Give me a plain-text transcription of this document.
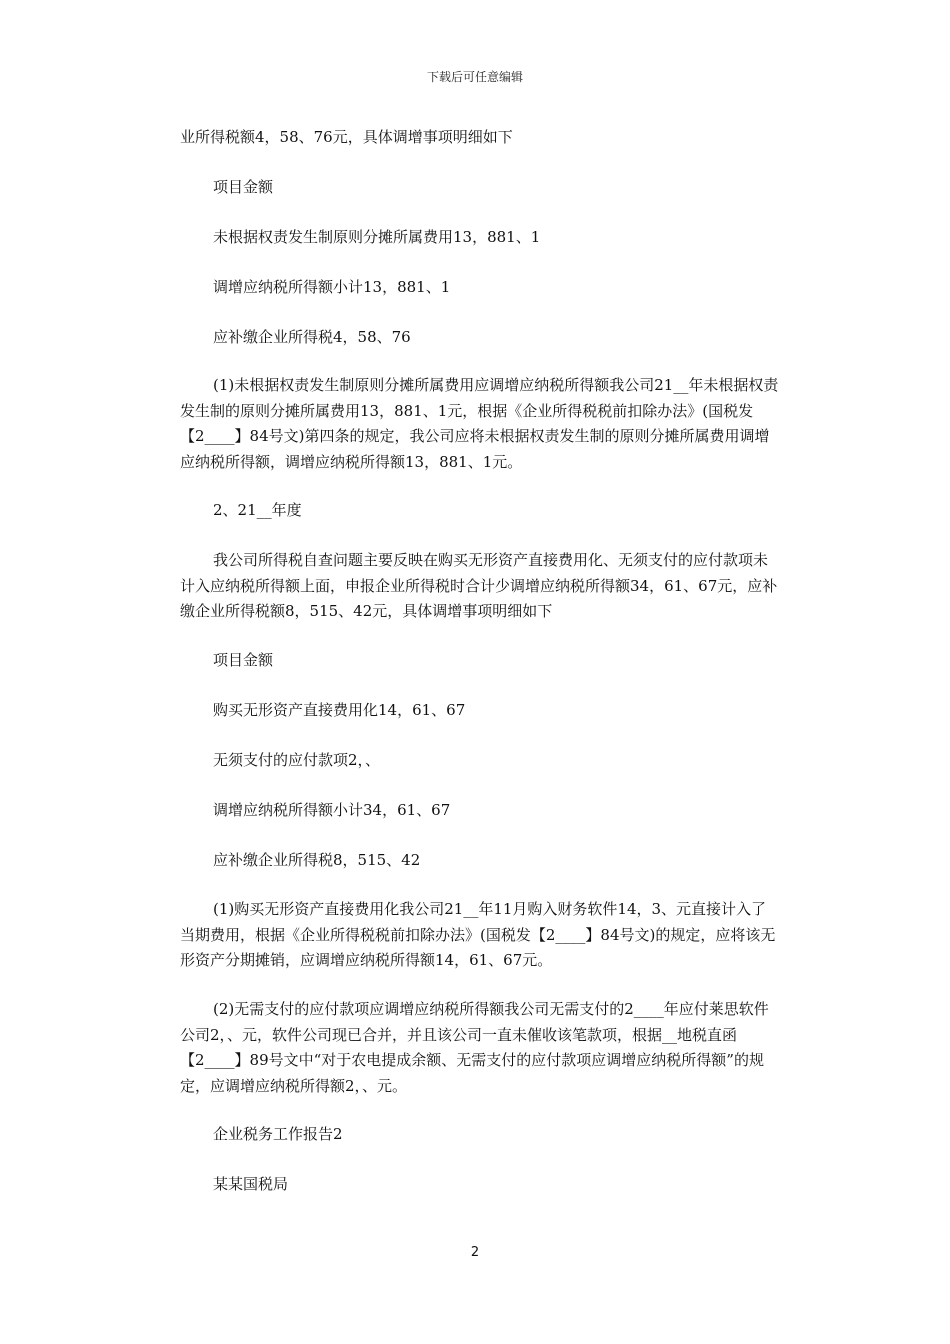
下载后可任意编辑

业所得税额4，58、76元，具体调增事项明细如下

项目金额

未根据权责发生制原则分摊所属费用13，881、1

调增应纳税所得额小计13，881、1

应补缴企业所得税4，58、76

(1)未根据权责发生制原则分摊所属费用应调增应纳税所得额我公司21__年未根据权责发生制的原则分摊所属费用13，881、1元，根据《企业所得税税前扣除办法》(国税发【2____】84号文)第四条的规定，我公司应将未根据权责发生制的原则分摊所属费用调增应纳税所得额，调增应纳税所得额13，881、1元。

2、21__年度

我公司所得税自查问题主要反映在购买无形资产直接费用化、无须支付的应付款项未计入应纳税所得额上面，申报企业所得税时合计少调增应纳税所得额34，61、67元，应补缴企业所得税额8，515、42元，具体调增事项明细如下

项目金额

购买无形资产直接费用化14，61、67

无须支付的应付款项2，、

调增应纳税所得额小计34，61、67

应补缴企业所得税8，515、42

(1)购买无形资产直接费用化我公司21__年11月购入财务软件14，3、元直接计入了当期费用，根据《企业所得税税前扣除办法》(国税发【2____】84号文)的规定，应将该无形资产分期摊销，应调增应纳税所得额14，61、67元。

(2)无需支付的应付款项应调增应纳税所得额我公司无需支付的2____年应付莱思软件公司2，、元，软件公司现已合并，并且该公司一直未催收该笔款项，根据__地税直函【2____】89号文中“对于农电提成余额、无需支付的应付款项应调增应纳税所得额”的规定，应调增应纳税所得额2，、元。

企业税务工作报告2

某某国税局

2
